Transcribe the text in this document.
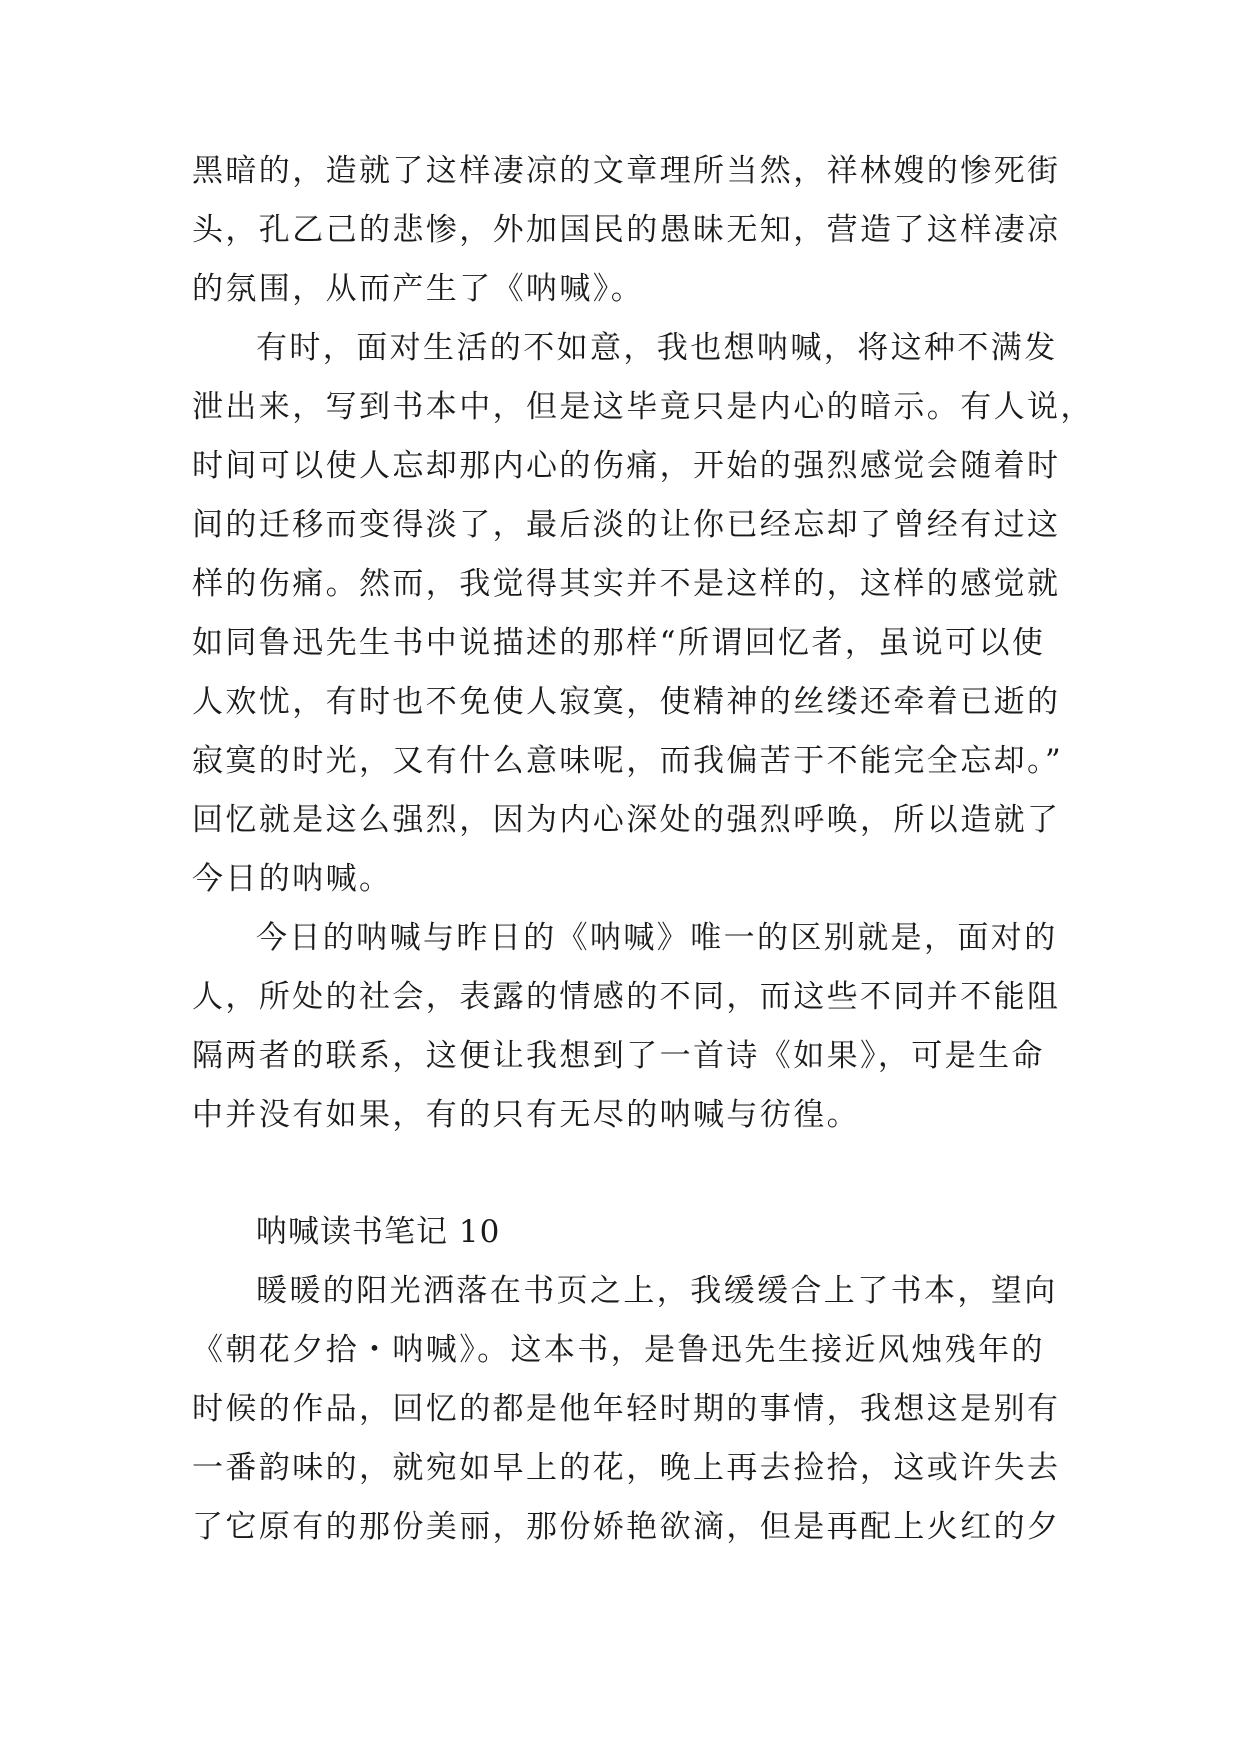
黑暗的，造就了这样凄凉的文章理所当然，祥林嫂的惨死街
头，孔乙己的悲惨，外加国民的愚昧无知，营造了这样凄凉
的氛围，从而产生了《呐喊》。
有时，面对生活的不如意，我也想呐喊，将这种不满发
泄出来，写到书本中，但是这毕竟只是内心的暗示。有人说，
时间可以使人忘却那内心的伤痛，开始的强烈感觉会随着时
间的迁移而变得淡了，最后淡的让你已经忘却了曾经有过这
样的伤痛。然而，我觉得其实并不是这样的，这样的感觉就
如同鲁迅先生书中说描述的那样“所谓回忆者，虽说可以使
人欢忧，有时也不免使人寂寞，使精神的丝缕还牵着已逝的
寂寞的时光，又有什么意味呢，而我偏苦于不能完全忘却。”
回忆就是这么强烈，因为内心深处的强烈呼唤，所以造就了
今日的呐喊。
今日的呐喊与昨日的《呐喊》唯一的区别就是，面对的
人，所处的社会，表露的情感的不同，而这些不同并不能阻
隔两者的联系，这便让我想到了一首诗《如果》，可是生命
中并没有如果，有的只有无尽的呐喊与彷徨。
呐喊读书笔记 10
暖暖的阳光洒落在书页之上，我缓缓合上了书本，望向
《朝花夕拾・呐喊》。这本书，是鲁迅先生接近风烛残年的
时候的作品，回忆的都是他年轻时期的事情，我想这是别有
一番韵味的，就宛如早上的花，晚上再去捡拾，这或许失去
了它原有的那份美丽，那份娇艳欲滴，但是再配上火红的夕
